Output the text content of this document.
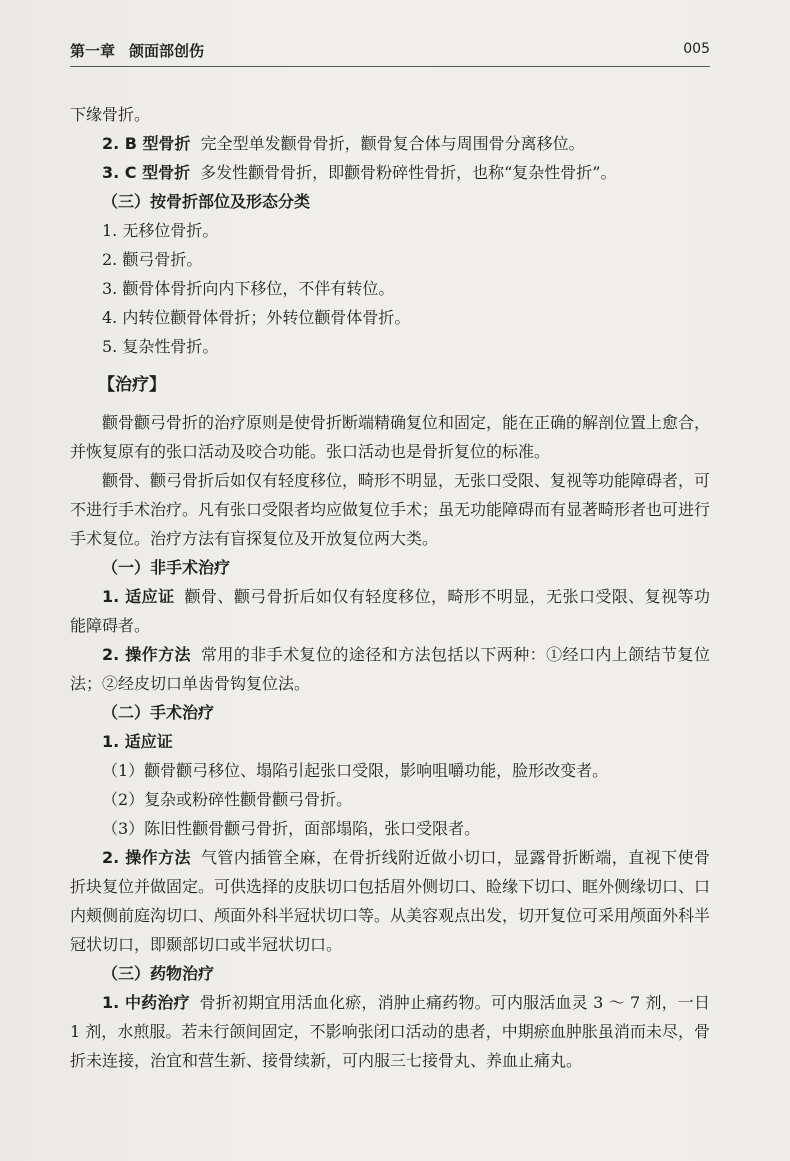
第一章 颌面部创伤	005

下缘骨折。

2. B 型骨折 完全型单发颧骨骨折，颧骨复合体与周围骨分离移位。

3. C 型骨折 多发性颧骨骨折，即颧骨粉碎性骨折，也称“复杂性骨折”。

（三）按骨折部位及形态分类

1. 无移位骨折。

2. 颧弓骨折。

3. 颧骨体骨折向内下移位，不伴有转位。

4. 内转位颧骨体骨折；外转位颧骨体骨折。

5. 复杂性骨折。

【治疗】

颧骨颧弓骨折的治疗原则是使骨折断端精确复位和固定，能在正确的解剖位置上愈合，并恢复原有的张口活动及咬合功能。张口活动也是骨折复位的标准。

颧骨、颧弓骨折后如仅有轻度移位，畸形不明显，无张口受限、复视等功能障碍者，可不进行手术治疗。凡有张口受限者均应做复位手术；虽无功能障碍而有显著畸形者也可进行手术复位。治疗方法有盲探复位及开放复位两大类。

（一）非手术治疗

1. 适应证 颧骨、颧弓骨折后如仅有轻度移位，畸形不明显，无张口受限、复视等功能障碍者。

2. 操作方法 常用的非手术复位的途径和方法包括以下两种：①经口内上颌结节复位法；②经皮切口单齿骨钩复位法。

（二）手术治疗

1. 适应证

（1）颧骨颧弓移位、塌陷引起张口受限，影响咀嚼功能，脸形改变者。

（2）复杂或粉碎性颧骨颧弓骨折。

（3）陈旧性颧骨颧弓骨折，面部塌陷，张口受限者。

2. 操作方法 气管内插管全麻，在骨折线附近做小切口，显露骨折断端，直视下使骨折块复位并做固定。可供选择的皮肤切口包括眉外侧切口、睑缘下切口、眶外侧缘切口、口内颊侧前庭沟切口、颅面外科半冠状切口等。从美容观点出发，切开复位可采用颅面外科半冠状切口，即颞部切口或半冠状切口。

（三）药物治疗

1. 中药治疗 骨折初期宜用活血化瘀，消肿止痛药物。可内服活血灵 3 ～ 7 剂，一日 1 剂，水煎服。若未行颌间固定，不影响张闭口活动的患者，中期瘀血肿胀虽消而未尽，骨折未连接，治宜和营生新、接骨续新，可内服三七接骨丸、养血止痛丸。
